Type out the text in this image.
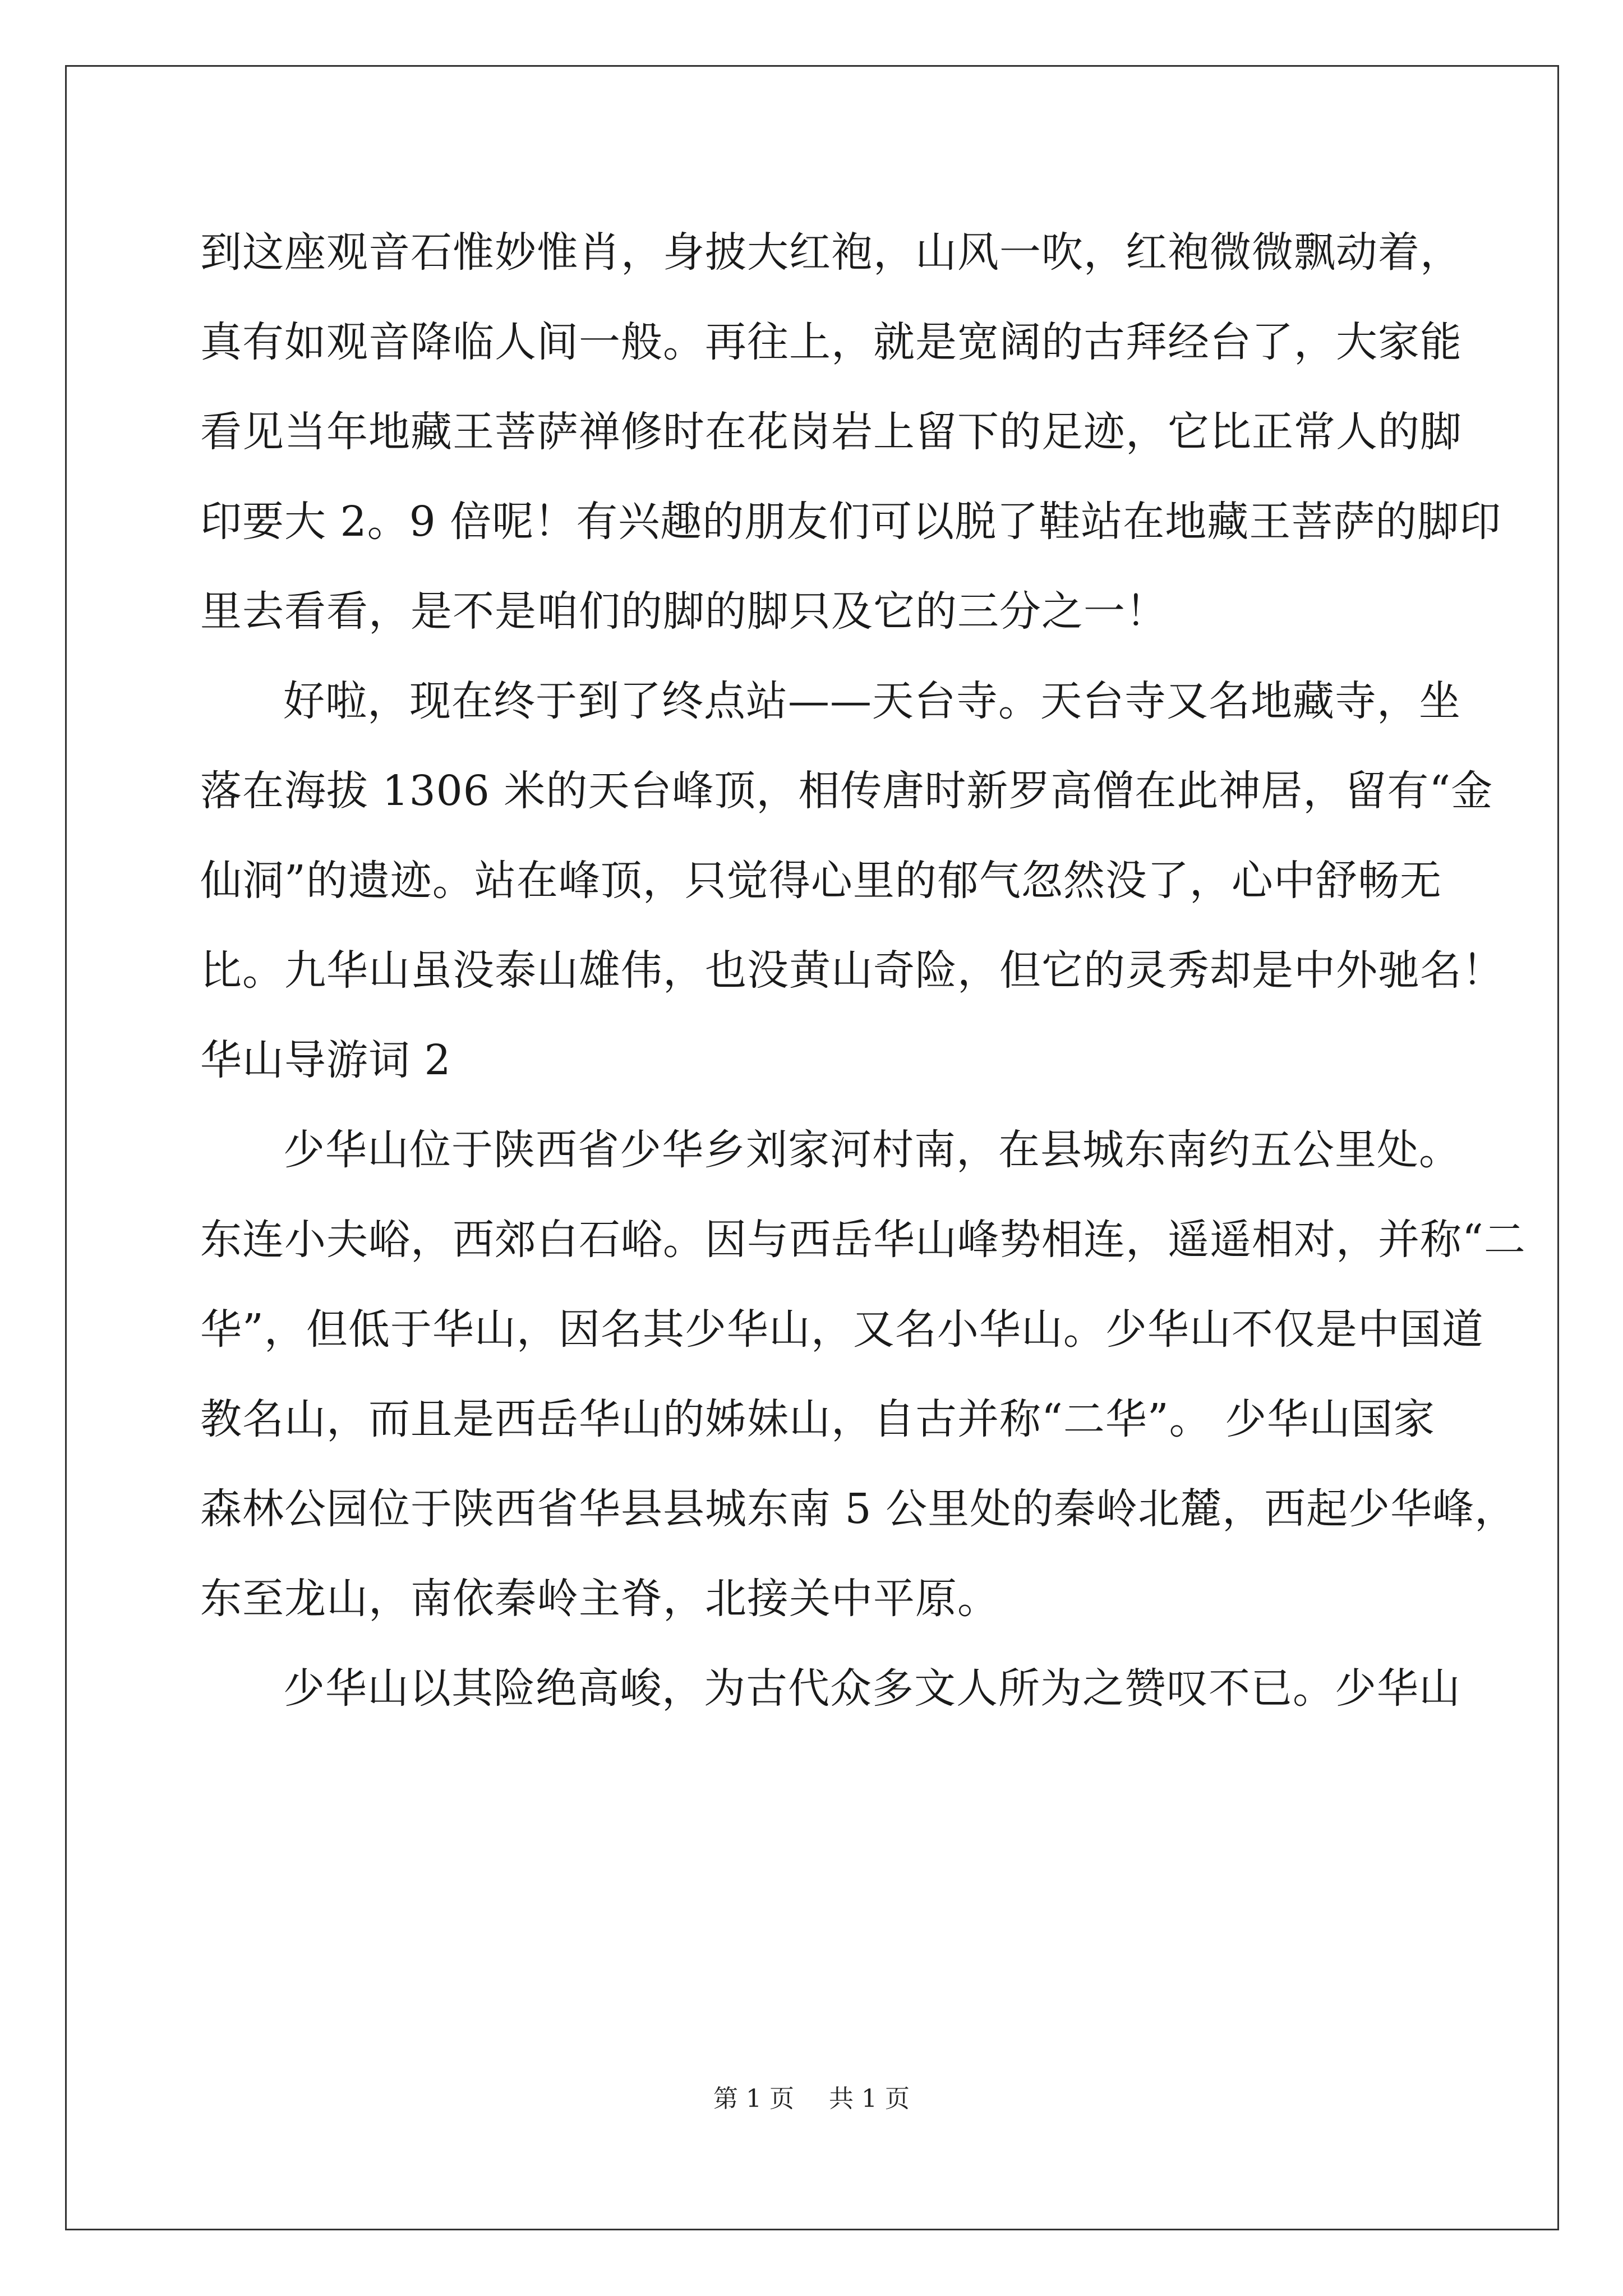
到这座观音石惟妙惟肖，身披大红袍，山风一吹，红袍微微飘动着，
真有如观音降临人间一般。再往上，就是宽阔的古拜经台了，大家能
看见当年地藏王菩萨禅修时在花岗岩上留下的足迹，它比正常人的脚
印要大 2。9 倍呢！有兴趣的朋友们可以脱了鞋站在地藏王菩萨的脚印
里去看看，是不是咱们的脚的脚只及它的三分之一！
好啦，现在终于到了终点站——天台寺。天台寺又名地藏寺，坐
落在海拔 1306 米的天台峰顶，相传唐时新罗高僧在此神居，留有“金
仙洞”的遗迹。站在峰顶，只觉得心里的郁气忽然没了，心中舒畅无
比。九华山虽没泰山雄伟，也没黄山奇险，但它的灵秀却是中外驰名！
华山导游词 2
少华山位于陕西省少华乡刘家河村南，在县城东南约五公里处。
东连小夫峪，西郊白石峪。因与西岳华山峰势相连，遥遥相对，并称“二
华”，但低于华山，因名其少华山，又名小华山。少华山不仅是中国道
教名山，而且是西岳华山的姊妹山，自古并称“二华”。 少华山国家
森林公园位于陕西省华县县城东南 5 公里处的秦岭北麓，西起少华峰，
东至龙山，南依秦岭主脊，北接关中平原。
少华山以其险绝高峻，为古代众多文人所为之赞叹不已。少华山
第 1 页 共 1 页
